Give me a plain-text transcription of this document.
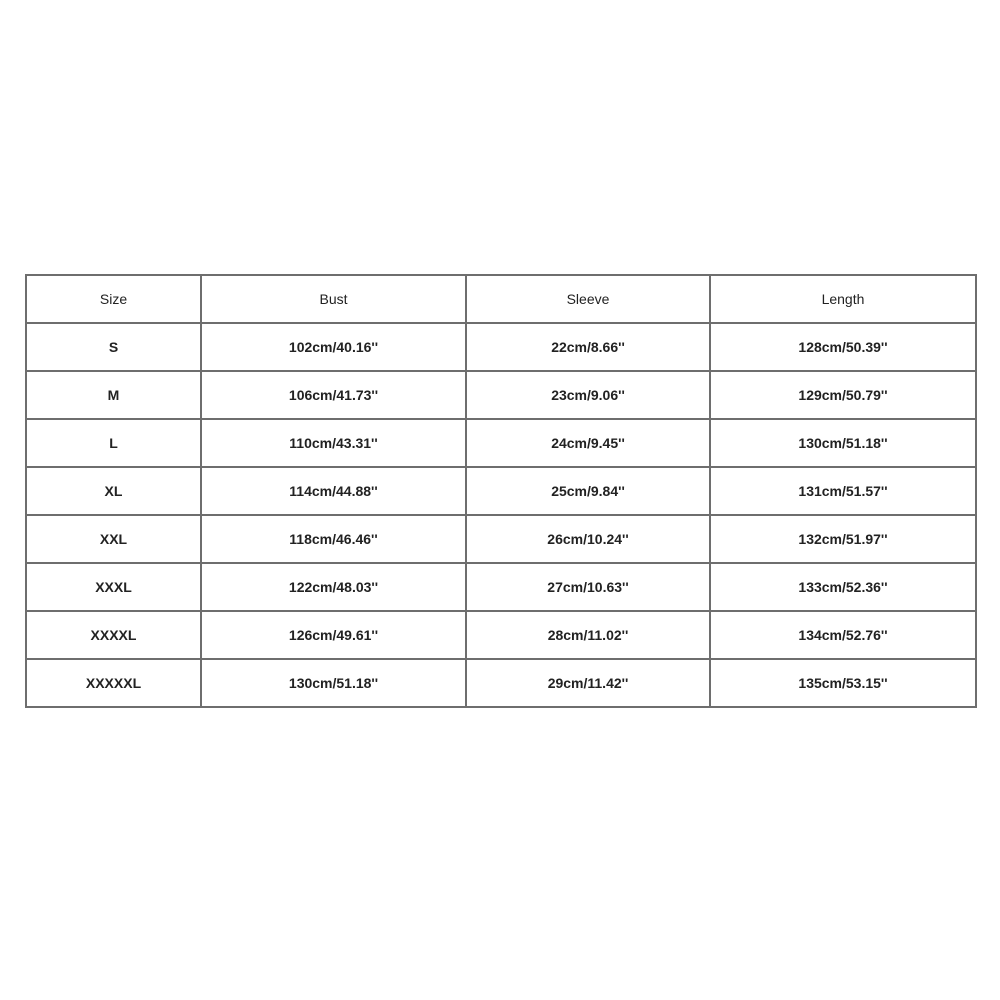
Size	Bust	Sleeve	Length
S	102cm/40.16''	22cm/8.66''	128cm/50.39''
M	106cm/41.73''	23cm/9.06''	129cm/50.79''
L	110cm/43.31''	24cm/9.45''	130cm/51.18''
XL	114cm/44.88''	25cm/9.84''	131cm/51.57''
XXL	118cm/46.46''	26cm/10.24''	132cm/51.97''
XXXL	122cm/48.03''	27cm/10.63''	133cm/52.36''
XXXXL	126cm/49.61''	28cm/11.02''	134cm/52.76''
XXXXXL	130cm/51.18''	29cm/11.42''	135cm/53.15''
